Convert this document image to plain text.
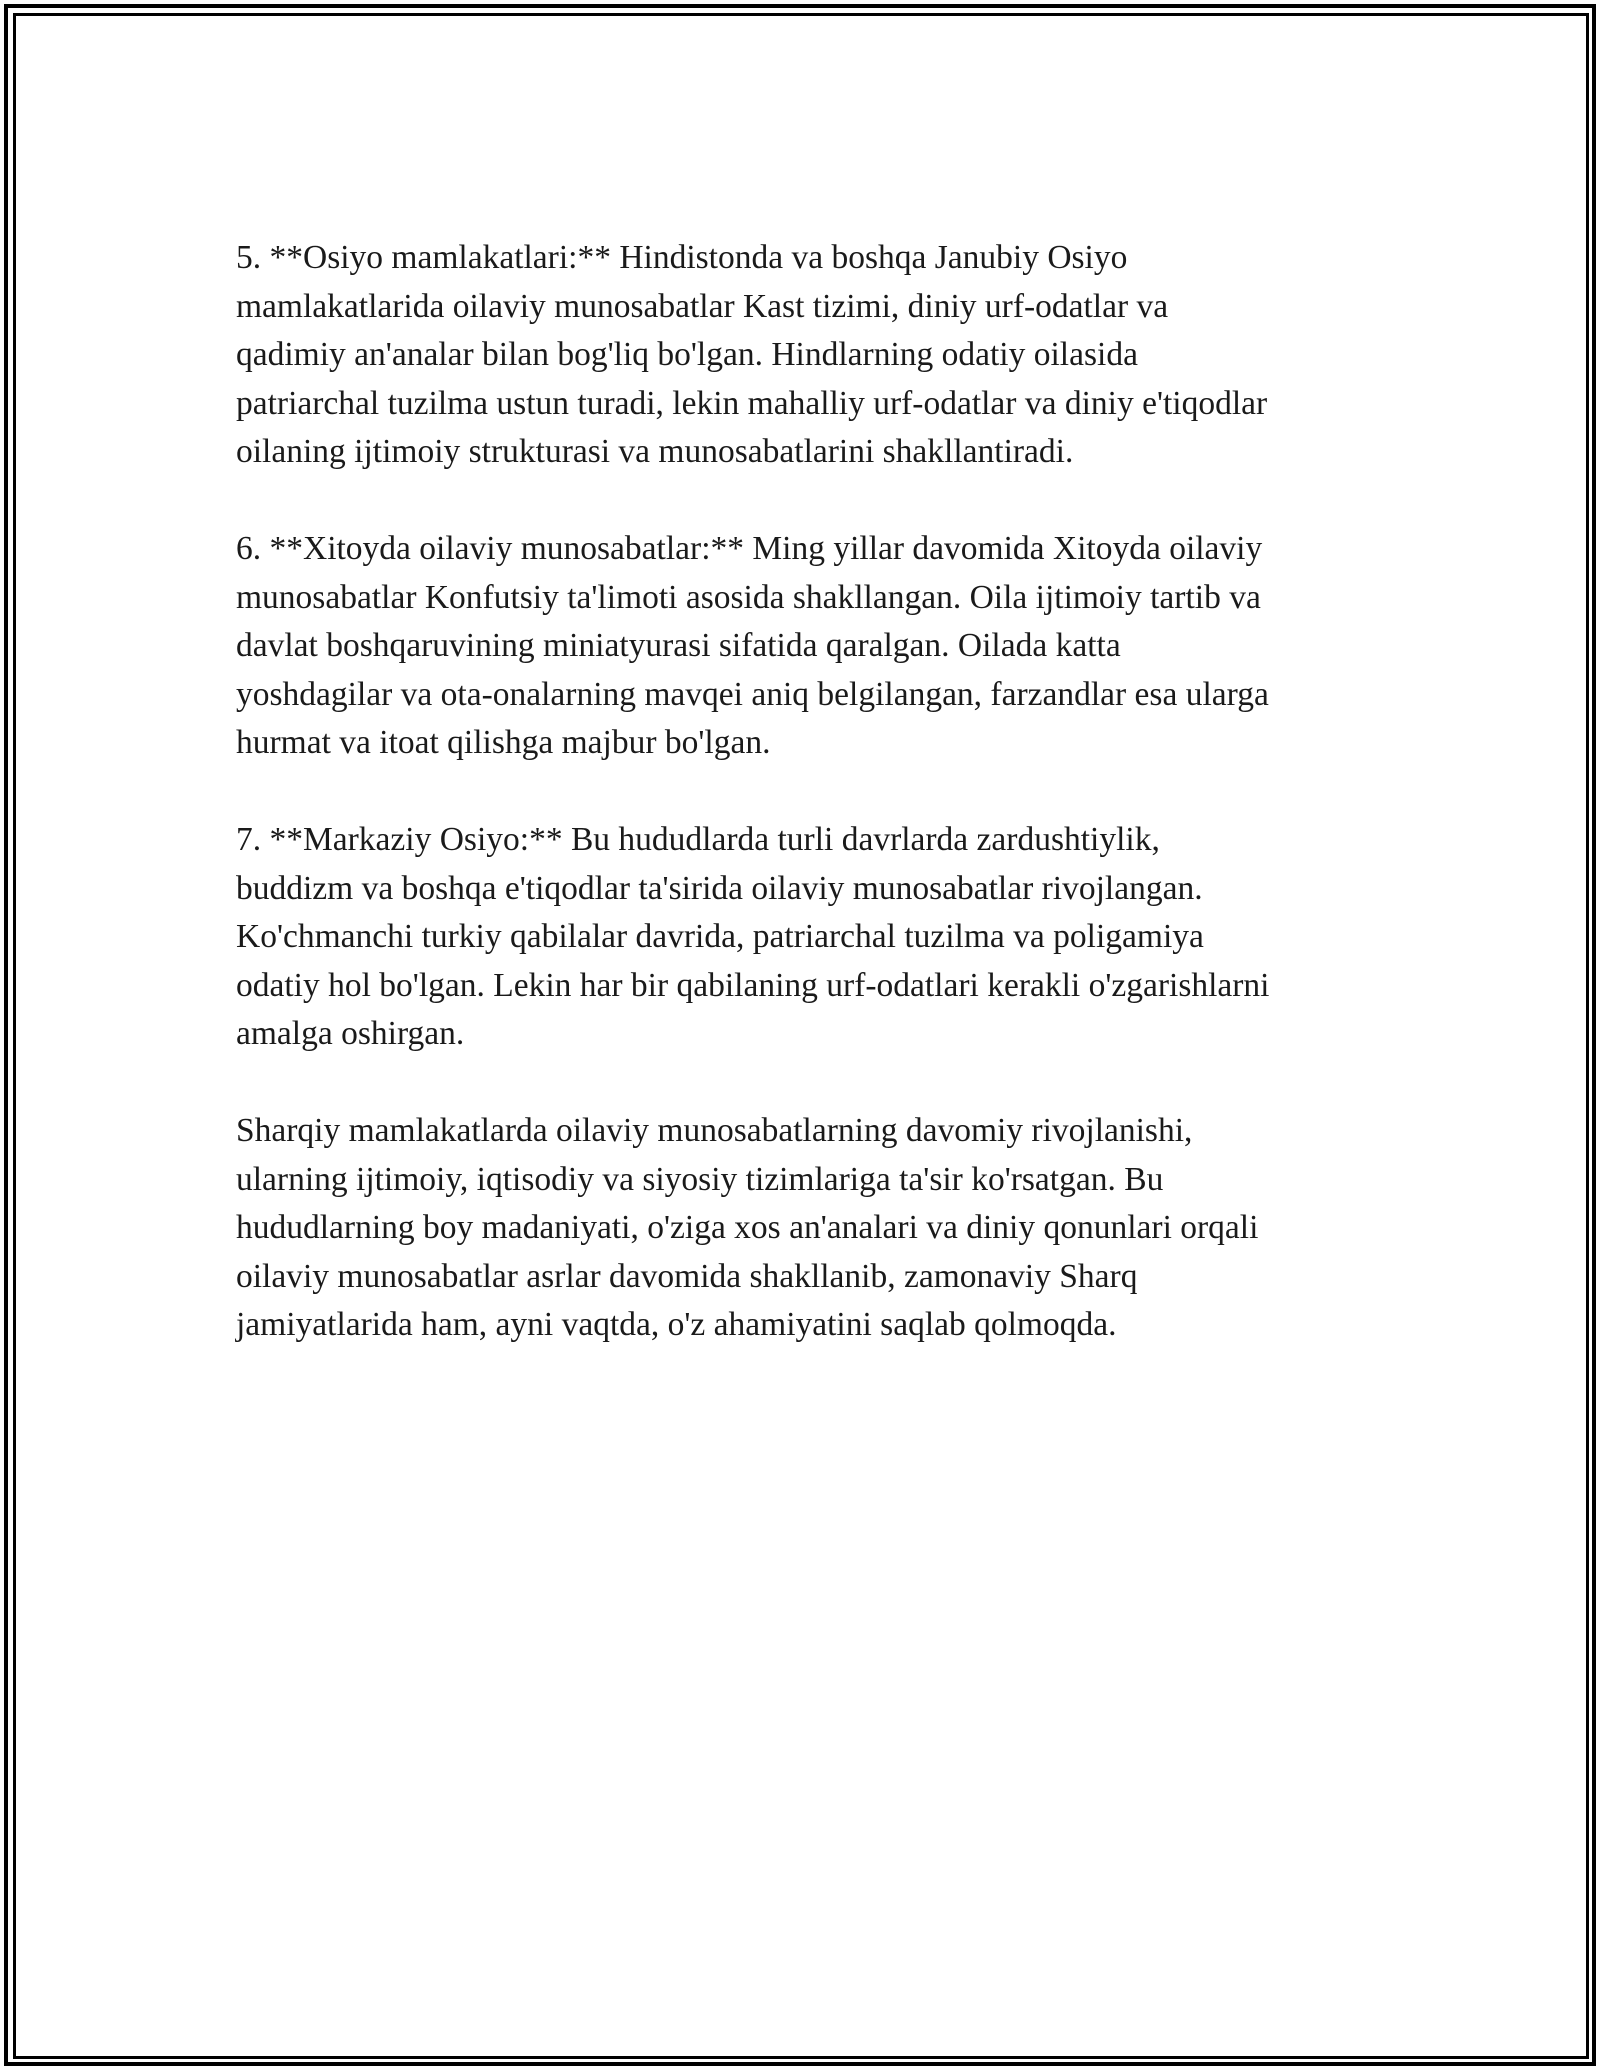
5. **Osiyo mamlakatlari:** Hindistonda va boshqa Janubiy Osiyo
mamlakatlarida oilaviy munosabatlar Kast tizimi, diniy urf-odatlar va
qadimiy an'analar bilan bog'liq bo'lgan. Hindlarning odatiy oilasida
patriarchal tuzilma ustun turadi, lekin mahalliy urf-odatlar va diniy e'tiqodlar
oilaning ijtimoiy strukturasi va munosabatlarini shakllantiradi.

6. **Xitoyda oilaviy munosabatlar:** Ming yillar davomida Xitoyda oilaviy
munosabatlar Konfutsiy ta'limoti asosida shakllangan. Oila ijtimoiy tartib va
davlat boshqaruvining miniatyurasi sifatida qaralgan. Oilada katta
yoshdagilar va ota-onalarning mavqei aniq belgilangan, farzandlar esa ularga
hurmat va itoat qilishga majbur bo'lgan.

7. **Markaziy Osiyo:** Bu hududlarda turli davrlarda zardushtiylik,
buddizm va boshqa e'tiqodlar ta'sirida oilaviy munosabatlar rivojlangan.
Ko'chmanchi turkiy qabilalar davrida, patriarchal tuzilma va poligamiya
odatiy hol bo'lgan. Lekin har bir qabilaning urf-odatlari kerakli o'zgarishlarni
amalga oshirgan.

Sharqiy mamlakatlarda oilaviy munosabatlarning davomiy rivojlanishi,
ularning ijtimoiy, iqtisodiy va siyosiy tizimlariga ta'sir ko'rsatgan. Bu
hududlarning boy madaniyati, o'ziga xos an'analari va diniy qonunlari orqali
oilaviy munosabatlar asrlar davomida shakllanib, zamonaviy Sharq
jamiyatlarida ham, ayni vaqtda, o'z ahamiyatini saqlab qolmoqda.
